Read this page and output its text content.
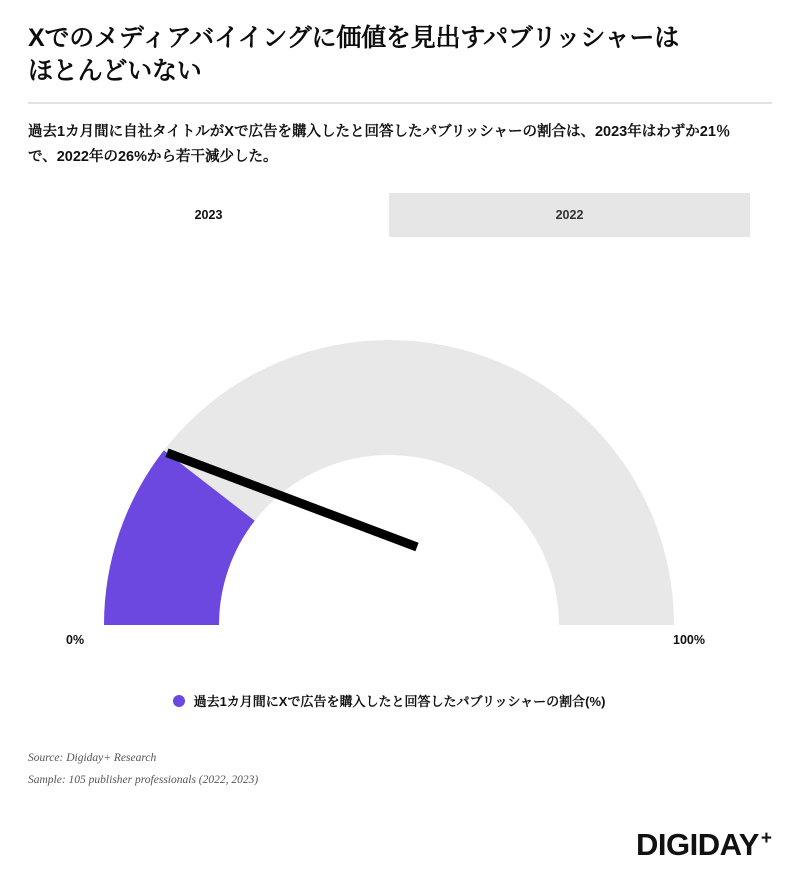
Xでのメディアバイイングに価値を見出すパブリッシャーはほとんどいない
過去1カ月間に自社タイトルがXで広告を購入したと回答したパブリッシャーの割合は、2023年はわずか21％で、2022年の26%から若干減少した。
2023	2022
0%	100%
過去1カ月間にXで広告を購入したと回答したパブリッシャーの割合(%)
Source: Digiday+ Research
Sample: 105 publisher professionals (2022, 2023)
DIGIDAY +
